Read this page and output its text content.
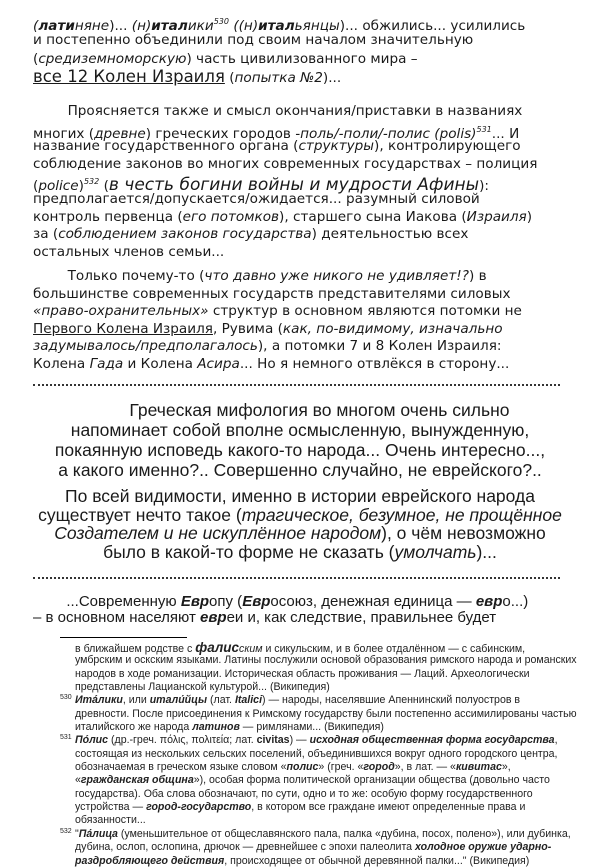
(латиняне)... (н)италики$^{530}$ ((н)итальянцы)... обжились... усилились
и постепенно объединили под своим началом значительную
(средиземноморскую) часть цивилизованного мира –
все 12 Колен Израиля (попытка №2)...
Проясняется также и смысл окончания/приставки в названиях
многих (древне) греческих городов -поль/-поли/-полис (polis)$^{531}$... И
название государственного органа (структуры), контролирующего
соблюдение законов во многих современных государствах – полиция
(police)$^{532}$ (в честь богини войны и мудрости Афины):
предполагается/допускается/ожидается... разумный силовой
контроль первенца (его потомков), старшего сына Иакова (Израиля)
за (соблюдением законов государства) деятельностью всех
остальных членов семьи...
Только почему-то (что давно уже никого не удивляет!?) в
большинстве современных государств представителями силовых
«право-охранительных» структур в основном являются потомки не
Первого Колена Израиля, Рувима (как, по-видимому, изначально
задумывалось/предполагалось), а потомки 7 и 8 Колен Израиля:
Колена Гада и Колена Асира... Но я немного отвлёкся в сторону...
Греческая мифология во многом очень сильно
напоминает собой вполне осмысленную, вынужденную,
покаянную исповедь какого-то народа... Очень интересно...,
а какого именно?.. Совершенно случайно, не еврейского?..
По всей видимости, именно в истории еврейского народа
существует нечто такое (трагическое, безумное, не прощённое
Создателем и не искуплённое народом), о чём невозможно
было в какой-то форме не сказать (умолчать)...
...Современную Европу (Евросоюз, денежная единица — евро...)
– в основном населяют евреи и, как следствие, правильнее будет
в ближайшем родстве с фалисским и сикульским, и в более отдалённом — с сабинским,
умбрским и оскским языками. Латины послужили основой образования римского народа и романских
народов в ходе романизации. Историческая область проживания — Лаций. Археологически
представлены Лацианской культурой... (Википедия)
530 Ита́лики, или итали́йцы (лат. Italici) — народы, населявшие Апеннинский полуостров в
древности. После присоединения к Римскому государству были постепенно ассимилированы частью
италийского же народа латинов — римлянами... (Википедия)
531 По́лис (др.-греч. πόλις, πολιτεία; лат. civitas) — исходная общественная форма государства,
состоящая из нескольких сельских поселений, объединившихся вокруг одного городского центра,
обозначаемая в греческом языке словом «полис» (греч. «город», в лат. — «кивитас»,
«гражданская община»), особая форма политической организации общества (довольно часто
государства). Оба слова обозначают, по сути, одно и то же: особую форму государственного
устройства — город-государство, в котором все граждане имеют определенные права и
обязанности...
532 "Па́лица (уменьшительное от общеславянского пала, палка «дубина, посох, полено»), или дубинка,
дубина, ослоп, ослопина, дрючок — древнейшее с эпохи палеолита холодное оружие ударно-
раздробляющего действия, происходящее от обычной деревянной палки..." (Википедия)
